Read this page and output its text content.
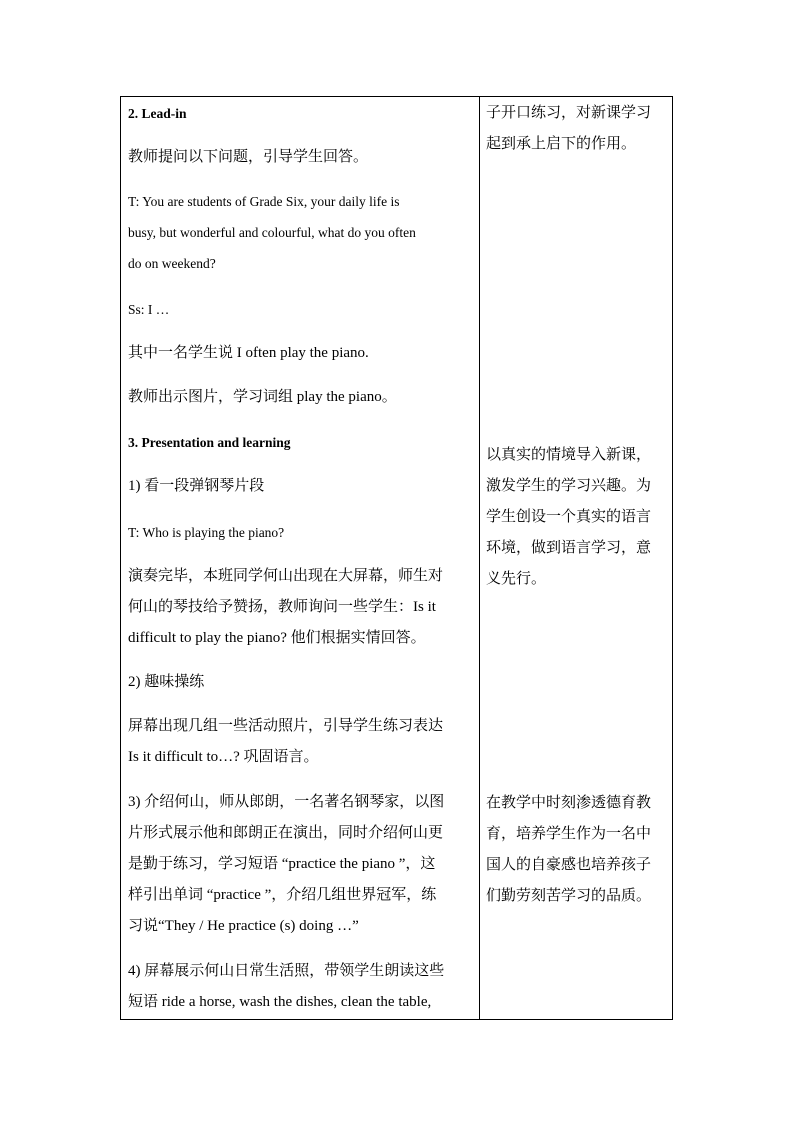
2. Lead-in

教师提问以下问题，引导学生回答。

T: You are students of Grade Six, your daily life is

busy, but wonderful and colourful, what do you often

do on weekend?

Ss: I …

其中一名学生说 I often play the piano.

教师出示图片，学习词组 play the piano。

3. Presentation and learning

1) 看一段弹钢琴片段

T: Who is playing the piano?

演奏完毕，本班同学何山出现在大屏幕，师生对

何山的琴技给予赞扬，教师询问一些学生：Is it

difficult to play the piano? 他们根据实情回答。

2) 趣味操练

屏幕出现几组一些活动照片，引导学生练习表达

Is it difficult to…? 巩固语言。

3) 介绍何山，师从郎朗，一名著名钢琴家，以图

片形式展示他和郎朗正在演出，同时介绍何山更

是勤于练习，学习短语 “practice the piano ”，这

样引出单词 “practice ”，介绍几组世界冠军，练

习说“They / He practice (s) doing …”

4) 屏幕展示何山日常生活照，带领学生朗读这些

短语 ride a horse, wash the dishes, clean the table,

子开口练习，对新课学习

起到承上启下的作用。

以真实的情境导入新课，

激发学生的学习兴趣。为

学生创设一个真实的语言

环境，做到语言学习，意

义先行。

在教学中时刻渗透德育教

育，培养学生作为一名中

国人的自豪感也培养孩子

们勤劳刻苦学习的品质。
